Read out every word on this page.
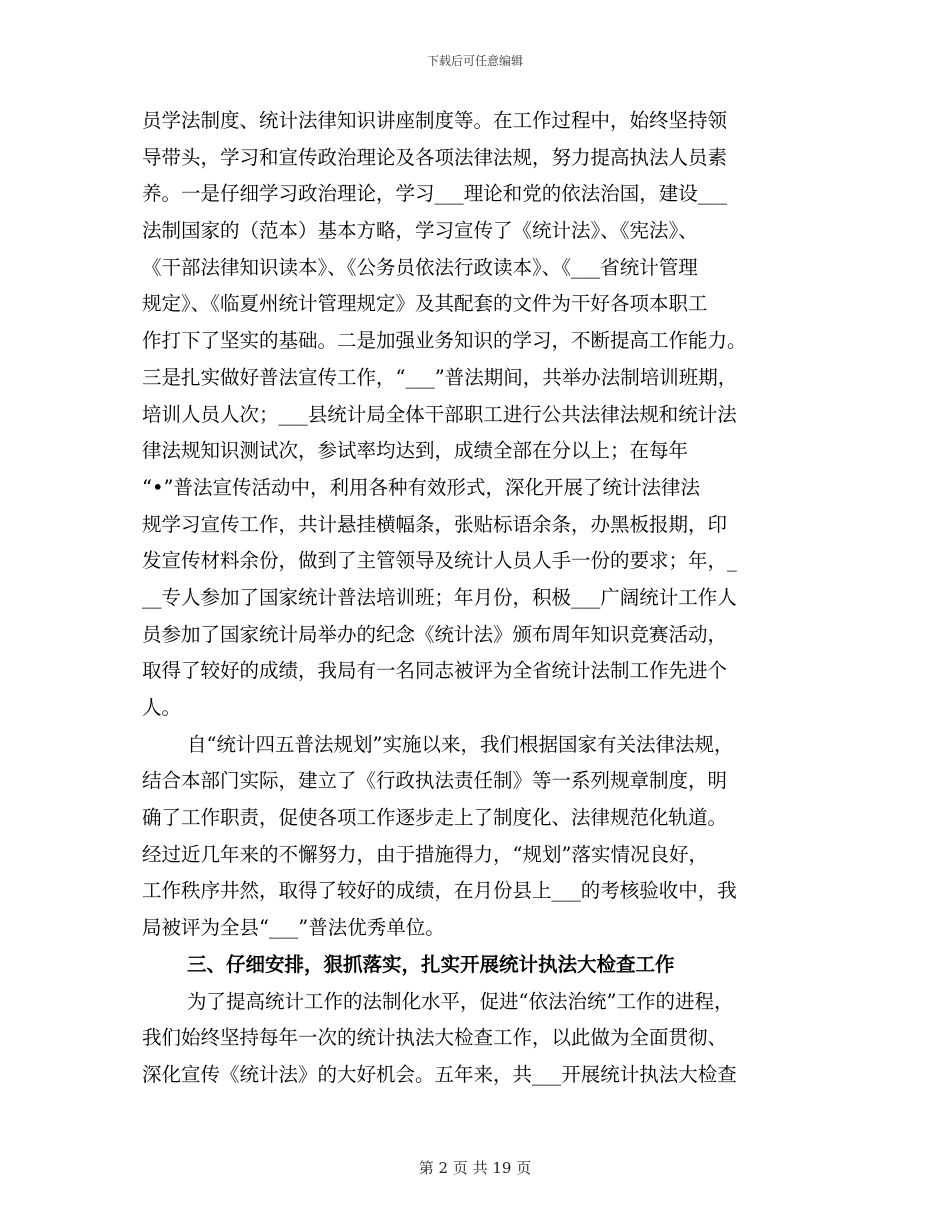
下载后可任意编辑
员学法制度、统计法律知识讲座制度等。在工作过程中，始终坚持领
导带头，学习和宣传政治理论及各项法律法规，努力提高执法人员素
养。一是仔细学习政治理论，学习___理论和党的依法治国，建设___
法制国家的（范本）基本方略，学习宣传了《统计法》、《宪法》、
《干部法律知识读本》、《公务员依法行政读本》、《___省统计管理
规定》、《临夏州统计管理规定》及其配套的文件为干好各项本职工
作打下了坚实的基础。二是加强业务知识的学习，不断提高工作能力。
三是扎实做好普法宣传工作，“___”普法期间，共举办法制培训班期，
培训人员人次；___县统计局全体干部职工进行公共法律法规和统计法
律法规知识测试次，参试率均达到，成绩全部在分以上；在每年
“•”普法宣传活动中，利用各种有效形式，深化开展了统计法律法
规学习宣传工作，共计悬挂横幅条，张贴标语余条，办黑板报期，印
发宣传材料余份，做到了主管领导及统计人员人手一份的要求；年，_
__专人参加了国家统计普法培训班；年月份，积极___广阔统计工作人
员参加了国家统计局举办的纪念《统计法》颁布周年知识竞赛活动，
取得了较好的成绩，我局有一名同志被评为全省统计法制工作先进个
人。
自“统计四五普法规划”实施以来，我们根据国家有关法律法规，
结合本部门实际，建立了《行政执法责任制》等一系列规章制度，明
确了工作职责，促使各项工作逐步走上了制度化、法律规范化轨道。
经过近几年来的不懈努力，由于措施得力，“规划”落实情况良好，
工作秩序井然，取得了较好的成绩，在月份县上___的考核验收中，我
局被评为全县“___”普法优秀单位。
三、仔细安排，狠抓落实，扎实开展统计执法大检查工作
为了提高统计工作的法制化水平，促进“依法治统”工作的进程，
我们始终坚持每年一次的统计执法大检查工作，以此做为全面贯彻、
深化宣传《统计法》的大好机会。五年来，共___开展统计执法大检查
第 2 页 共 19 页
